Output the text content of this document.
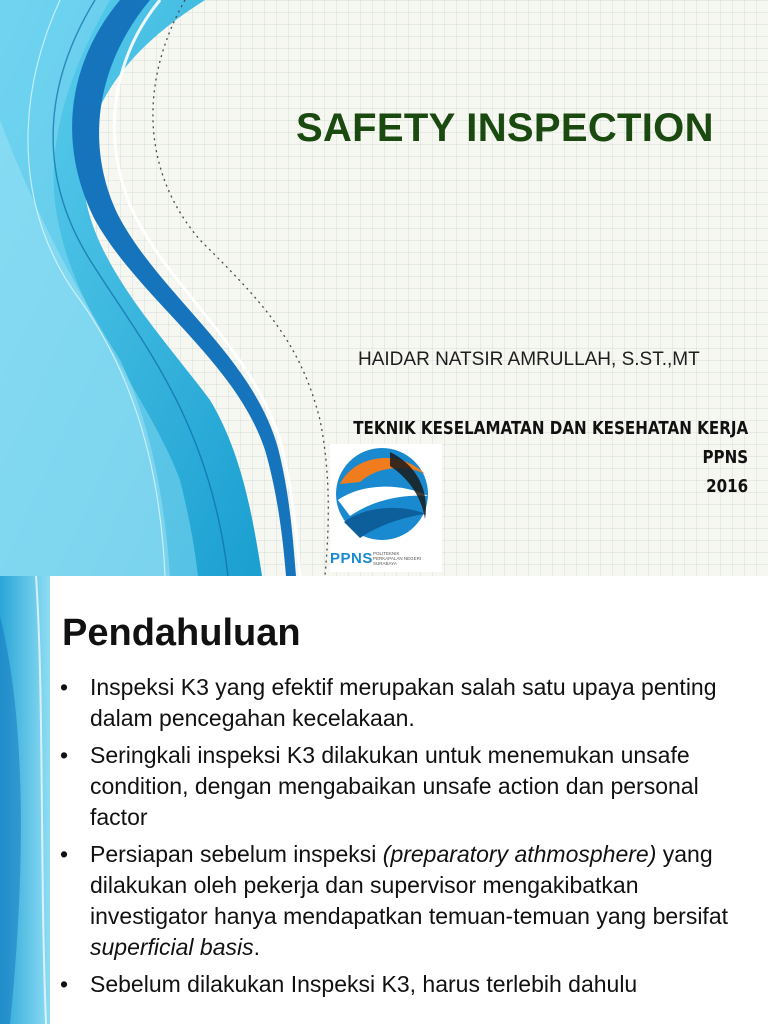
SAFETY INSPECTION
HAIDAR NATSIR AMRULLAH, S.ST.,MT
TEKNIK KESELAMATAN DAN KESEHATAN KERJA
PPNS
2016
PPNS POLITEKNIK PERKAPALAN NEGERI SURABAYA
Pendahuluan
• Inspeksi K3 yang efektif merupakan salah satu upaya penting dalam pencegahan kecelakaan.
• Seringkali inspeksi K3 dilakukan untuk menemukan unsafe condition, dengan mengabaikan unsafe action dan personal factor
• Persiapan sebelum inspeksi (preparatory athmosphere) yang dilakukan oleh pekerja dan supervisor mengakibatkan investigator hanya mendapatkan temuan-temuan yang bersifat superficial basis.
• Sebelum dilakukan Inspeksi K3, harus terlebih dahulu
